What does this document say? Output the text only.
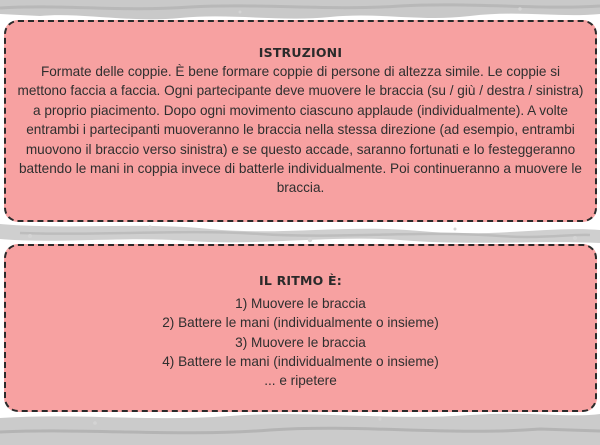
ISTRUZIONI
Formate delle coppie. È bene formare coppie di persone di altezza simile. Le coppie si mettono faccia a faccia. Ogni partecipante deve muovere le braccia (su / giù / destra / sinistra) a proprio piacimento. Dopo ogni movimento ciascuno applaude (individualmente). A volte entrambi i partecipanti muoveranno le braccia nella stessa direzione (ad esempio, entrambi muovono il braccio verso sinistra) e se questo accade, saranno fortunati e lo festeggeranno battendo le mani in coppia invece di batterle individualmente. Poi continueranno a muovere le braccia.
IL RITMO È:
1) Muovere le braccia
2) Battere le mani (individualmente o insieme)
3) Muovere le braccia
4) Battere le mani (individualmente o insieme)
... e ripetere
